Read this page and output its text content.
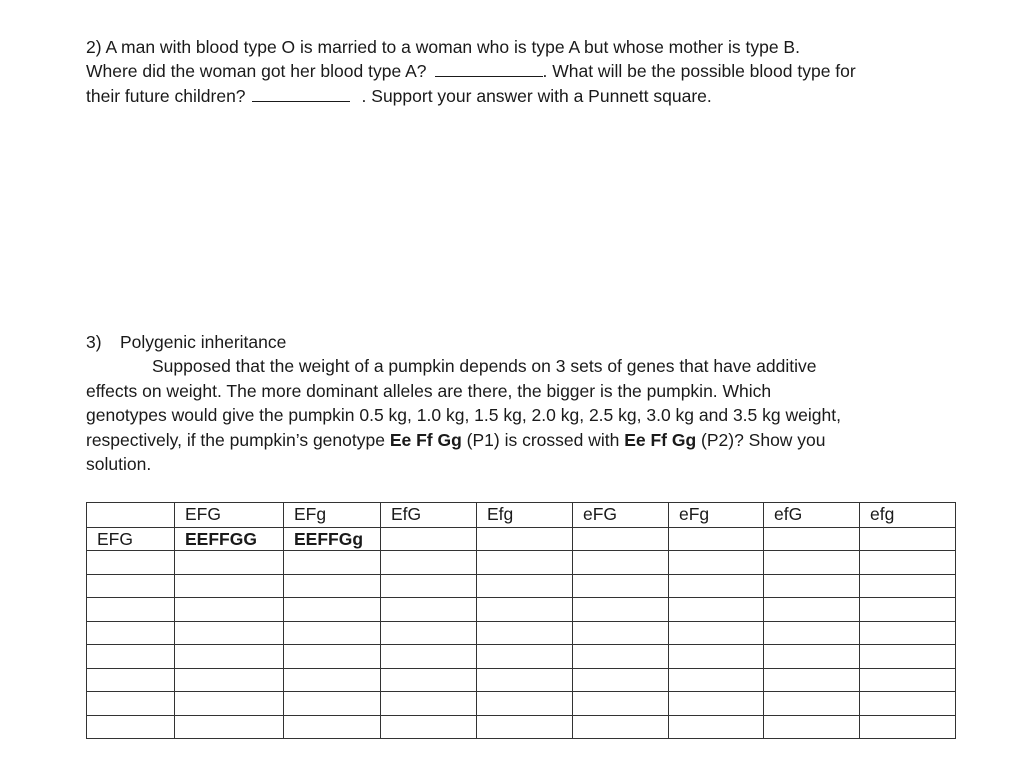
2) A man with blood type O is married to a woman who is type A but whose mother is type B.
Where did the woman got her blood type A?	. What will be the possible blood type for
their future children?	. Support your answer with a Punnett square.
3) Polygenic inheritance
Supposed that the weight of a pumpkin depends on 3 sets of genes that have additive
effects on weight. The more dominant alleles are there, the bigger is the pumpkin. Which
genotypes would give the pumpkin 0.5 kg, 1.0 kg, 1.5 kg, 2.0 kg, 2.5 kg, 3.0 kg and 3.5 kg weight,
respectively, if the pumpkin’s genotype Ee Ff Gg (P1) is crossed with Ee Ff Gg (P2)? Show you
solution.
	EFG	EFg	EfG	Efg	eFG	eFg	efG	efg
EFG	EEFFGG	EEFFGg						
